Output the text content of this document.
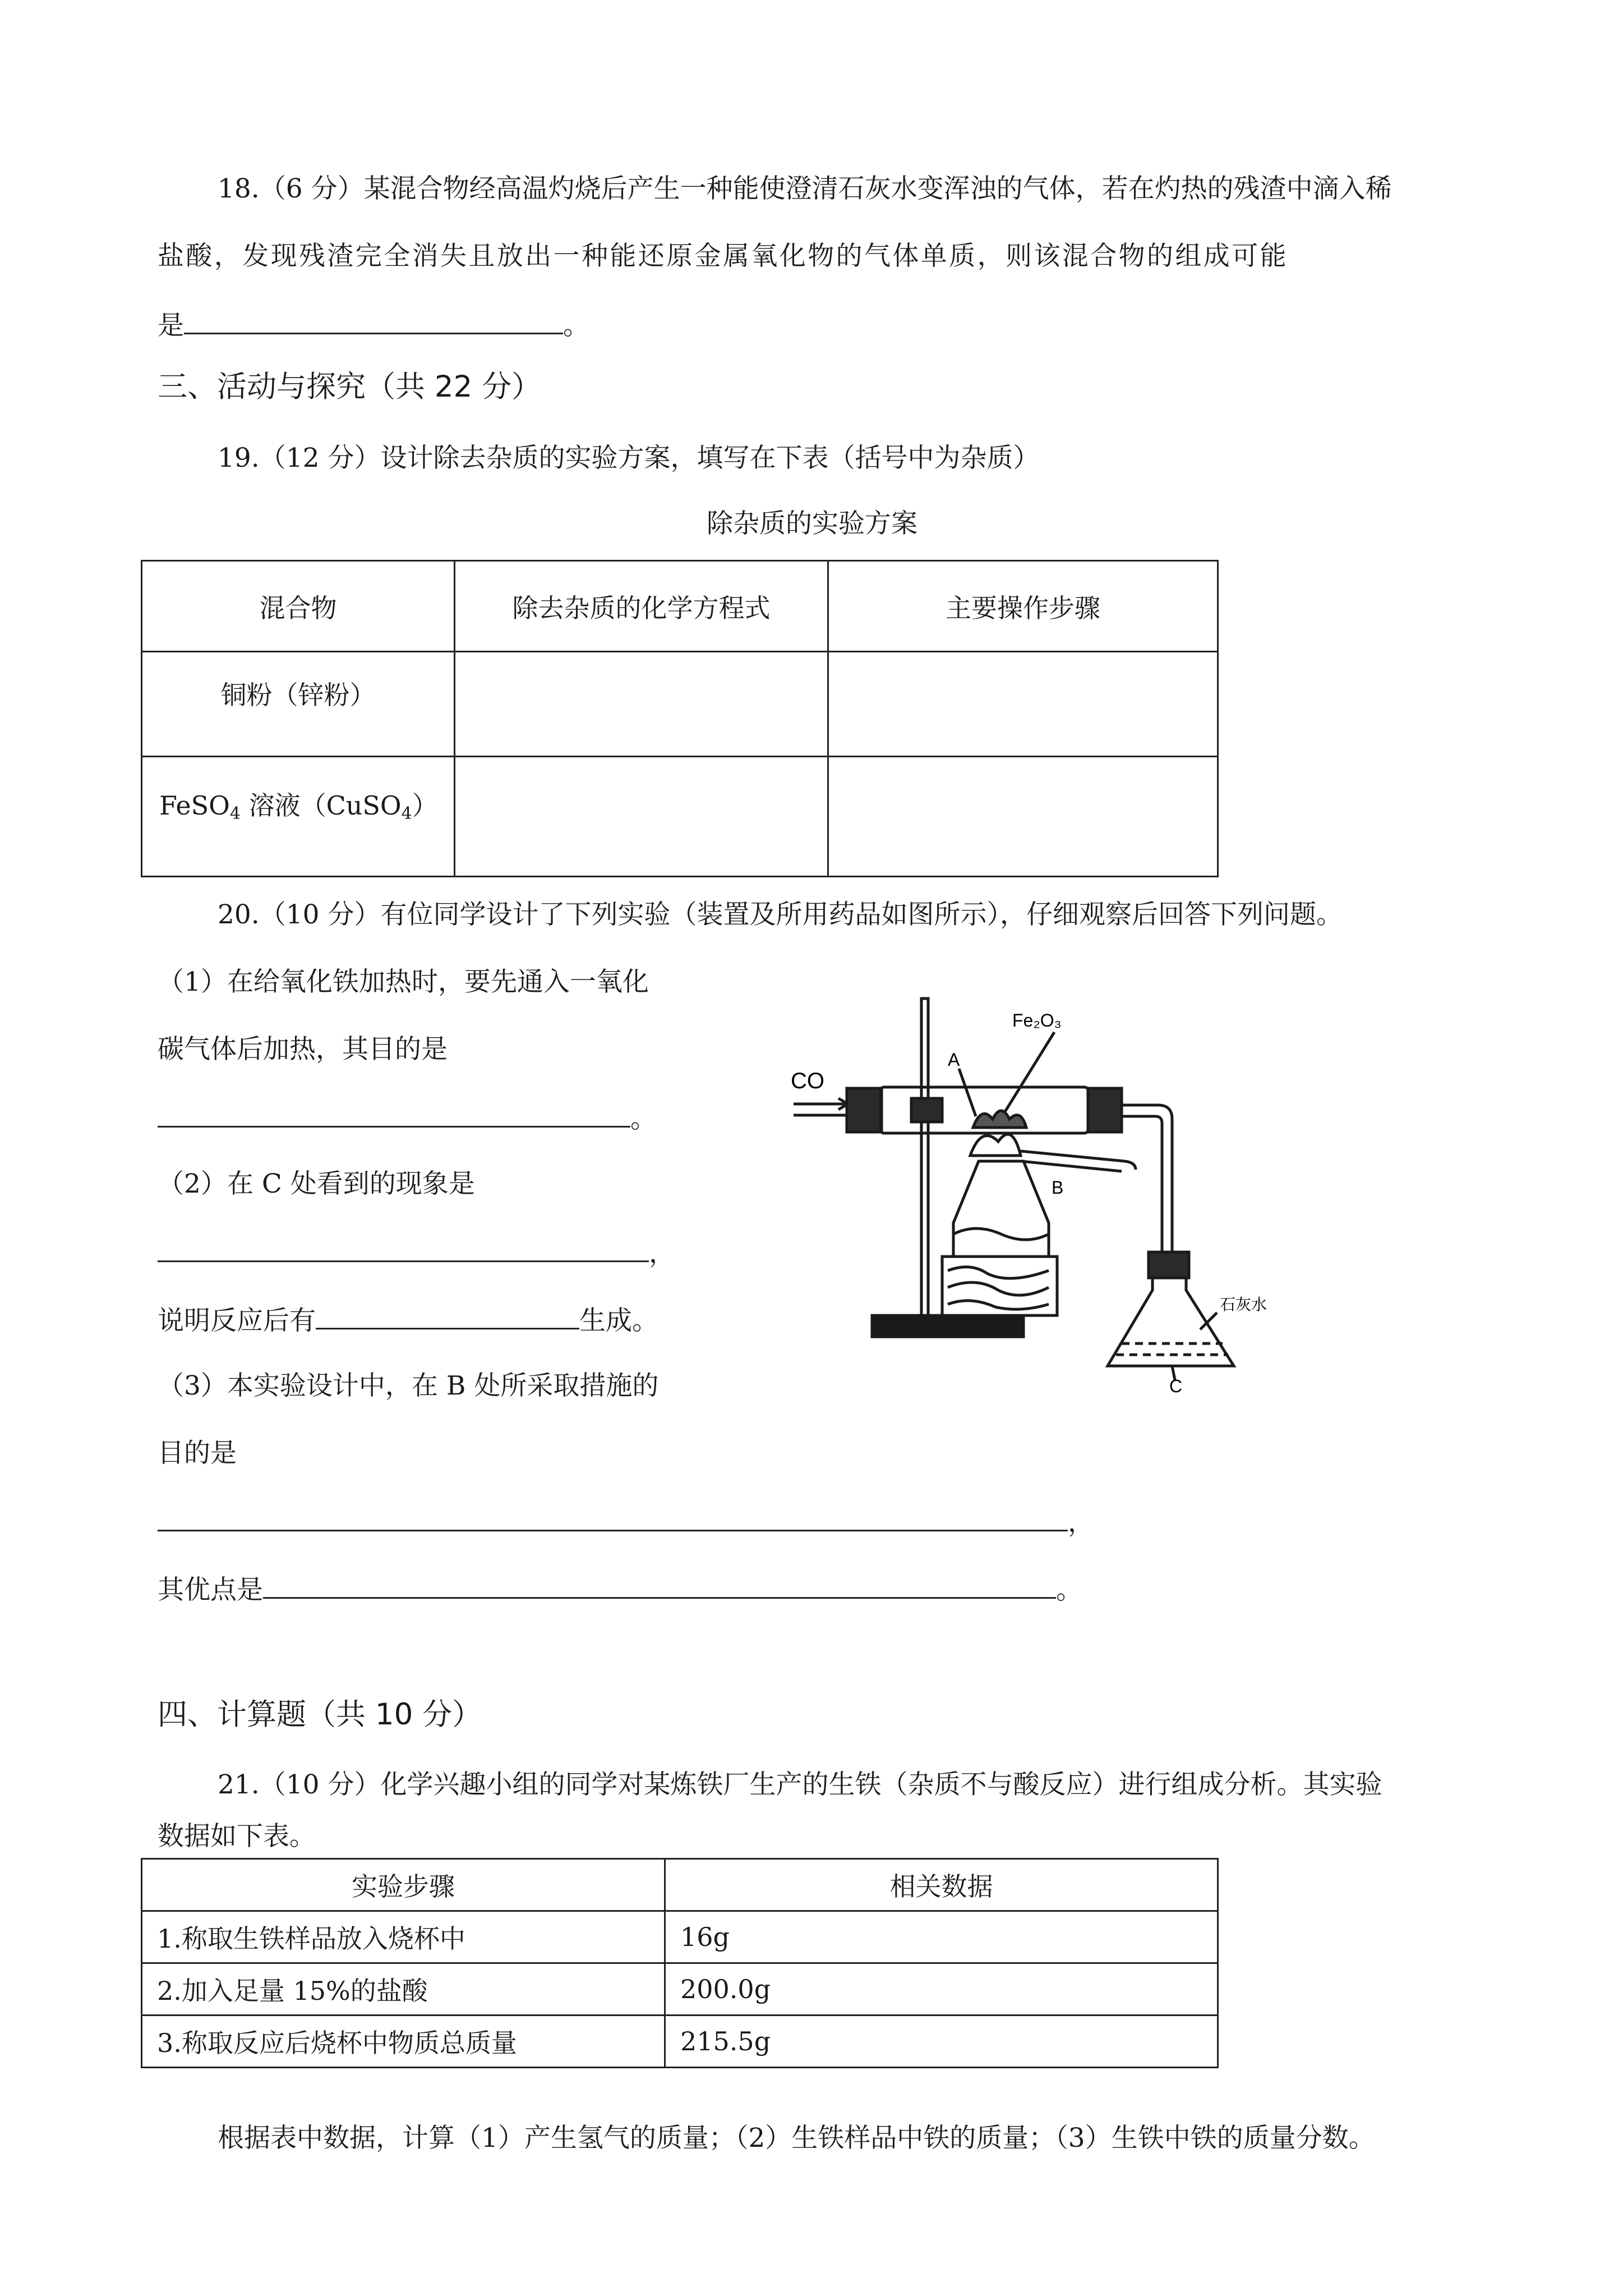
18.（6 分）某混合物经高温灼烧后产生一种能使澄清石灰水变浑浊的气体，若在灼热的残渣中滴入稀
盐酸，发现残渣完全消失且放出一种能还原金属氧化物的气体单质，则该混合物的组成可能
是	。
三、活动与探究（共 22 分）
19.（12 分）设计除去杂质的实验方案，填写在下表（括号中为杂质）
除杂质的实验方案
混合物	除去杂质的化学方程式	主要操作步骤
铜粉（锌粉）		
FeSO$_4$ 溶液（CuSO$_4$）		
20.（10 分）有位同学设计了下列实验（装置及所用药品如图所示），仔细观察后回答下列问题。
（1）在给氧化铁加热时，要先通入一氧化
碳气体后加热，其目的是
。
（2）在 C 处看到的现象是
，
说明反应后有	生成。
（3）本实验设计中，在 B 处所采取措施的
目的是
，
其优点是	。
CO
Fe₂O₃
A
B
C
石灰水
四、计算题（共 10 分）
21.（10 分）化学兴趣小组的同学对某炼铁厂生产的生铁（杂质不与酸反应）进行组成分析。其实验
数据如下表。
实验步骤	相关数据
1.称取生铁样品放入烧杯中	16g
2.加入足量 15%的盐酸	200.0g
3.称取反应后烧杯中物质总质量	215.5g
根据表中数据，计算（1）产生氢气的质量；（2）生铁样品中铁的质量；（3）生铁中铁的质量分数。
